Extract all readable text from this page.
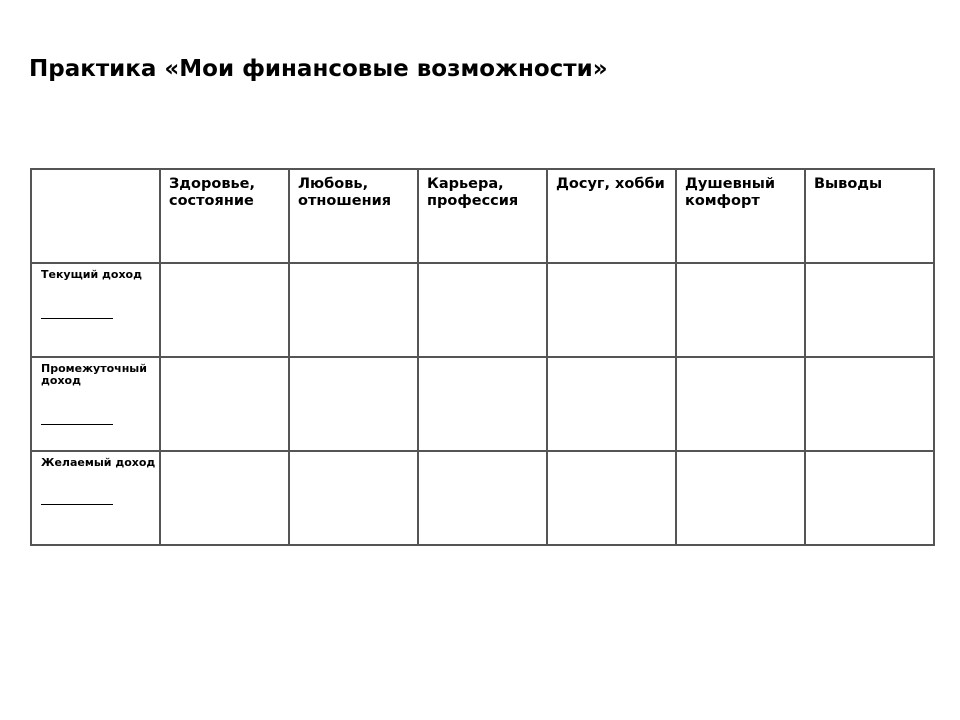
Практика «Мои финансовые возможности»

	Здоровье, состояние	Любовь, отношения	Карьера, профессия	Досуг, хобби	Душевный комфорт	Выводы

Текущий доход						

Промежуточный доход						

Желаемый доход						
